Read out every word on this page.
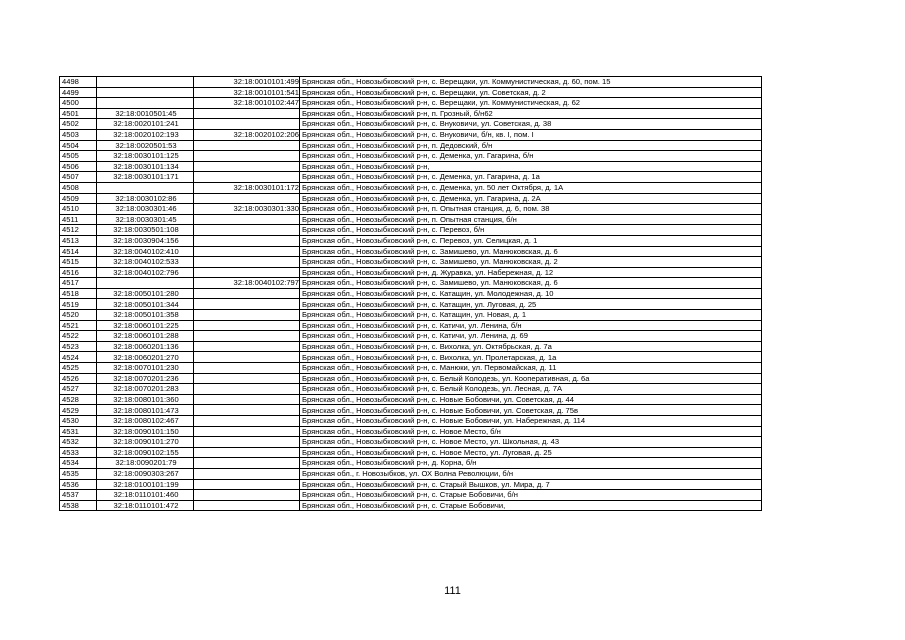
4498		32:18:0010101:499	Брянская обл., Новозыбковский р-н, с. Верещаки, ул. Коммунистическая, д. 60, пом. 15
4499		32:18:0010101:541	Брянская обл., Новозыбковский р-н, с. Верещаки, ул. Советская, д. 2
4500		32:18:0010102:447	Брянская обл., Новозыбковский р-н, с. Верещаки, ул. Коммунистическая, д. 62
4501	32:18:0010501:45		Брянская обл., Новозыбковский р-н, п. Грозный, б/н62
4502	32:18:0020101:241		Брянская обл., Новозыбковский р-н, с. Внуковичи, ул. Советская, д. 38
4503	32:18:0020102:193	32:18:0020102:206	Брянская обл., Новозыбковский р-н, с. Внуковичи, б/н, кв. I, пом. I
4504	32:18:0020501:53		Брянская обл., Новозыбковский р-н, п. Дедовский, б/н
4505	32:18:0030101:125		Брянская обл., Новозыбковский р-н, с. Деменка, ул. Гагарина, б/н
4506	32:18:0030101:134		Брянская обл., Новозыбковский р-н,
4507	32:18:0030101:171		Брянская обл., Новозыбковский р-н, с. Деменка, ул. Гагарина, д. 1а
4508		32:18:0030101:172	Брянская обл., Новозыбковский р-н, с. Деменка, ул. 50 лет Октября, д. 1А
4509	32:18:0030102:86		Брянская обл., Новозыбковский р-н, с. Деменка, ул. Гагарина, д. 2А
4510	32:18:0030301:46	32:18:0030301:330	Брянская обл., Новозыбковский р-н, п. Опытная станция, д. 6, пом. 38
4511	32:18:0030301:45		Брянская обл., Новозыбковский р-н, п. Опытная станция, б/н
4512	32:18:0030501:108		Брянская обл., Новозыбковский р-н, с. Перевоз, б/н
4513	32:18:0030904:156		Брянская обл., Новозыбковский р-н, с. Перевоз, ул. Селицкая, д. 1
4514	32:18:0040102:410		Брянская обл., Новозыбковский р-н, с. Замишево, ул. Манюковская, д. 6
4515	32:18:0040102:533		Брянская обл., Новозыбковский р-н, с. Замишево, ул. Манюковская, д. 2
4516	32:18:0040102:796		Брянская обл., Новозыбковский р-н, д. Журавка, ул. Набережная, д. 12
4517		32:18:0040102:797	Брянская обл., Новозыбковский р-н, с. Замишево, ул. Манюковская, д. 6
4518	32:18:0050101:280		Брянская обл., Новозыбковский р-н, с. Катащин, ул. Молодежная, д. 10
4519	32:18:0050101:344		Брянская обл., Новозыбковский р-н, с. Катащин, ул. Луговая, д. 25
4520	32:18:0050101:358		Брянская обл., Новозыбковский р-н, с. Катащин, ул. Новая, д. 1
4521	32:18:0060101:225		Брянская обл., Новозыбковский р-н, с. Катичи, ул. Ленина, б/н
4522	32:18:0060101:288		Брянская обл., Новозыбковский р-н, с. Катичи, ул. Ленина, д. 69
4523	32:18:0060201:136		Брянская обл., Новозыбковский р-н, с. Вихолка, ул. Октябрьская, д. 7а
4524	32:18:0060201:270		Брянская обл., Новозыбковский р-н, с. Вихолка, ул. Пролетарская, д. 1а
4525	32:18:0070101:230		Брянская обл., Новозыбковский р-н, с. Манюки, ул. Первомайская, д. 11
4526	32:18:0070201:236		Брянская обл., Новозыбковский р-н, с. Белый Колодезь, ул. Кооперативная, д. 6а
4527	32:18:0070201:283		Брянская обл., Новозыбковский р-н, с. Белый Колодезь, ул. Лесная, д. 7А
4528	32:18:0080101:360		Брянская обл., Новозыбковский р-н, с. Новые Бобовичи, ул. Советская, д. 44
4529	32:18:0080101:473		Брянская обл., Новозыбковский р-н, с. Новые Бобовичи, ул. Советская, д. 75в
4530	32:18:0080102:467		Брянская обл., Новозыбковский р-н, с. Новые Бобовичи, ул. Набережная, д. 114
4531	32:18:0090101:150		Брянская обл., Новозыбковский р-н, с. Новое Место, б/н
4532	32:18:0090101:270		Брянская обл., Новозыбковский р-н, с. Новое Место, ул. Школьная, д. 43
4533	32:18:0090102:155		Брянская обл., Новозыбковский р-н, с. Новое Место, ул. Луговая, д. 25
4534	32:18:0090201:79		Брянская обл., Новозыбковский р-н, д. Корна, б/н
4535	32:18:0090303:267		Брянская обл., г. Новозыбков, ул. ОХ Волна Революции, б/н
4536	32:18:0100101:199		Брянская обл., Новозыбковский р-н, с. Старый Вышков, ул. Мира, д. 7
4537	32:18:0110101:460		Брянская обл., Новозыбковский р-н, с. Старые Бобовичи, б/н
4538	32:18:0110101:472		Брянская обл., Новозыбковский р-н, с. Старые Бобовичи,
111
